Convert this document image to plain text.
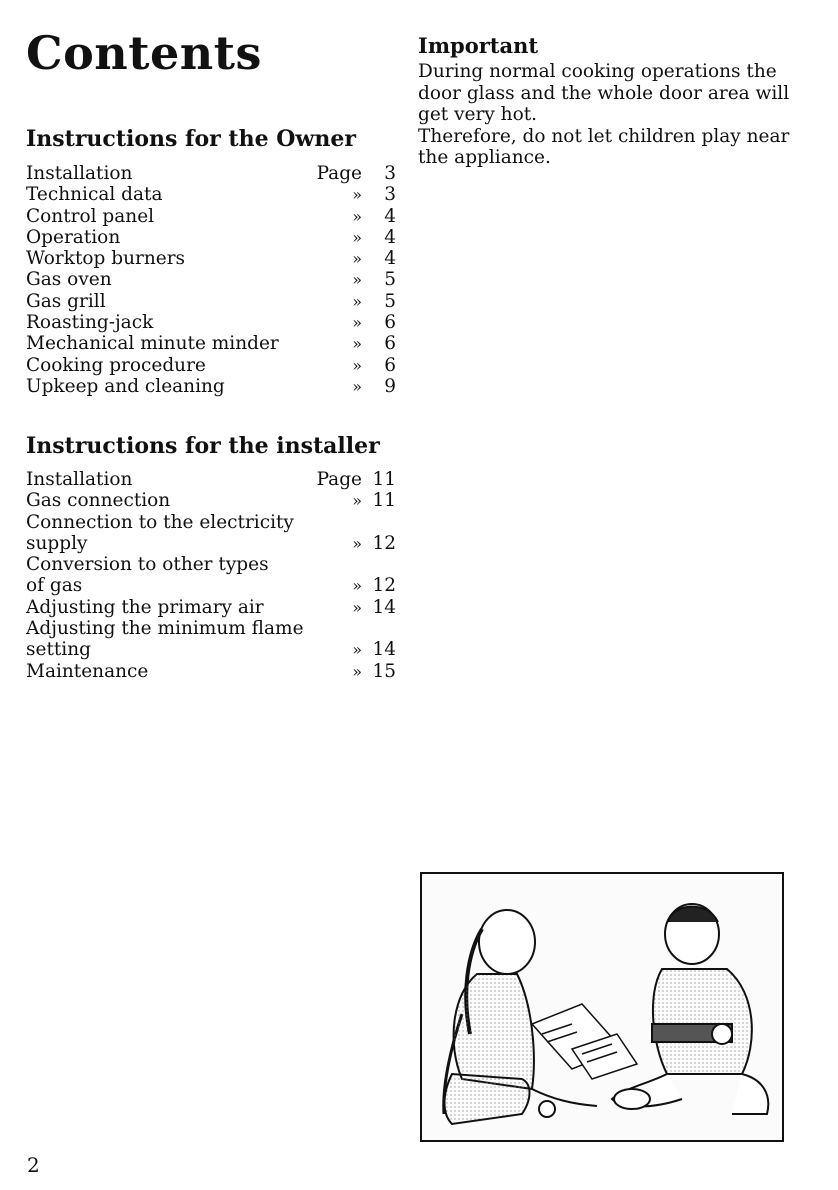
Contents
Instructions for the Owner
Installation	Page	3
Technical data	»	3
Control panel	»	4
Operation	»	4
Worktop burners	»	4
Gas oven	»	5
Gas grill	»	5
Roasting-jack	»	6
Mechanical minute minder	»	6
Cooking procedure	»	6
Upkeep and cleaning	»	9
Instructions for the installer
Installation	Page 11
Gas connection	» 11
Connection to the electricity
supply	» 12
Conversion to other types
of gas	» 12
Adjusting the primary air	» 14
Adjusting the minimum flame
setting	» 14
Maintenance	» 15
Important
During normal cooking operations the
door glass and the whole door area will
get very hot.
Therefore, do not let children play near
the appliance.
2
